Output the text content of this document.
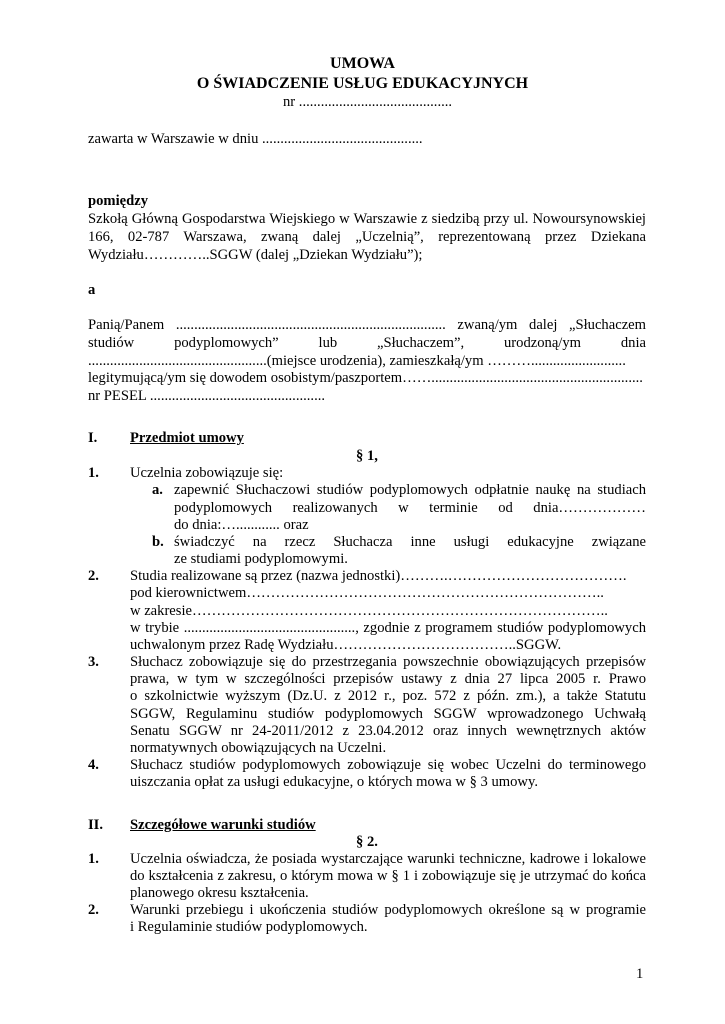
UMOWA
O ŚWIADCZENIE USŁUG EDUKACYJNYCH
nr ..........................................
zawarta w Warszawie w dniu ............................................
pomiędzy
Szkołą Główną Gospodarstwa Wiejskiego w Warszawie z siedzibą przy ul. Nowoursynowskiej
166, 02-787 Warszawa, zwaną dalej „Uczelnią”, reprezentowaną przez Dziekana
Wydziału…………..SGGW (dalej „Dziekan Wydziału”);
a
Panią/Panem .......................................................................... zwaną/ym dalej „Słuchaczem
studiów podyplomowych” lub „Słuchaczem”, urodzoną/ym dnia
.................................................(miejsce urodzenia), zamieszkałą/ym ………..........................
legitymującą/ym się dowodem osobistym/paszportem……..........................................................
nr PESEL ................................................
I. Przedmiot umowy
§ 1,
1. Uczelnia zobowiązuje się:
a. zapewnić Słuchaczowi studiów podyplomowych odpłatnie naukę na studiach
podyplomowych realizowanych w terminie od dnia………………
do dnia:…............ oraz
b. świadczyć na rzecz Słuchacza inne usługi edukacyjne związane
ze studiami podyplomowymi.
2. Studia realizowane są przez (nazwa jednostki)……….……………………………….
pod kierownictwem………………………………………………………………..
w zakresie…………………………………………………………………………..
w trybie ..............................................., zgodnie z programem studiów podyplomowych
uchwalonym przez Radę Wydziału………………………………..SGGW.
3. Słuchacz zobowiązuje się do przestrzegania powszechnie obowiązujących przepisów
prawa, w tym w szczególności przepisów ustawy z dnia 27 lipca 2005 r. Prawo
o szkolnictwie wyższym (Dz.U. z 2012 r., poz. 572 z późn. zm.), a także Statutu
SGGW, Regulaminu studiów podyplomowych SGGW wprowadzonego Uchwałą
Senatu SGGW nr 24-2011/2012 z 23.04.2012 oraz innych wewnętrznych aktów
normatywnych obowiązujących na Uczelni.
4. Słuchacz studiów podyplomowych zobowiązuje się wobec Uczelni do terminowego
uiszczania opłat za usługi edukacyjne, o których mowa w § 3 umowy.
II. Szczegółowe warunki studiów
§ 2.
1. Uczelnia oświadcza, że posiada wystarczające warunki techniczne, kadrowe i lokalowe
do kształcenia z zakresu, o którym mowa w § 1 i zobowiązuje się je utrzymać do końca
planowego okresu kształcenia.
2. Warunki przebiegu i ukończenia studiów podyplomowych określone są w programie
i Regulaminie studiów podyplomowych.
1
